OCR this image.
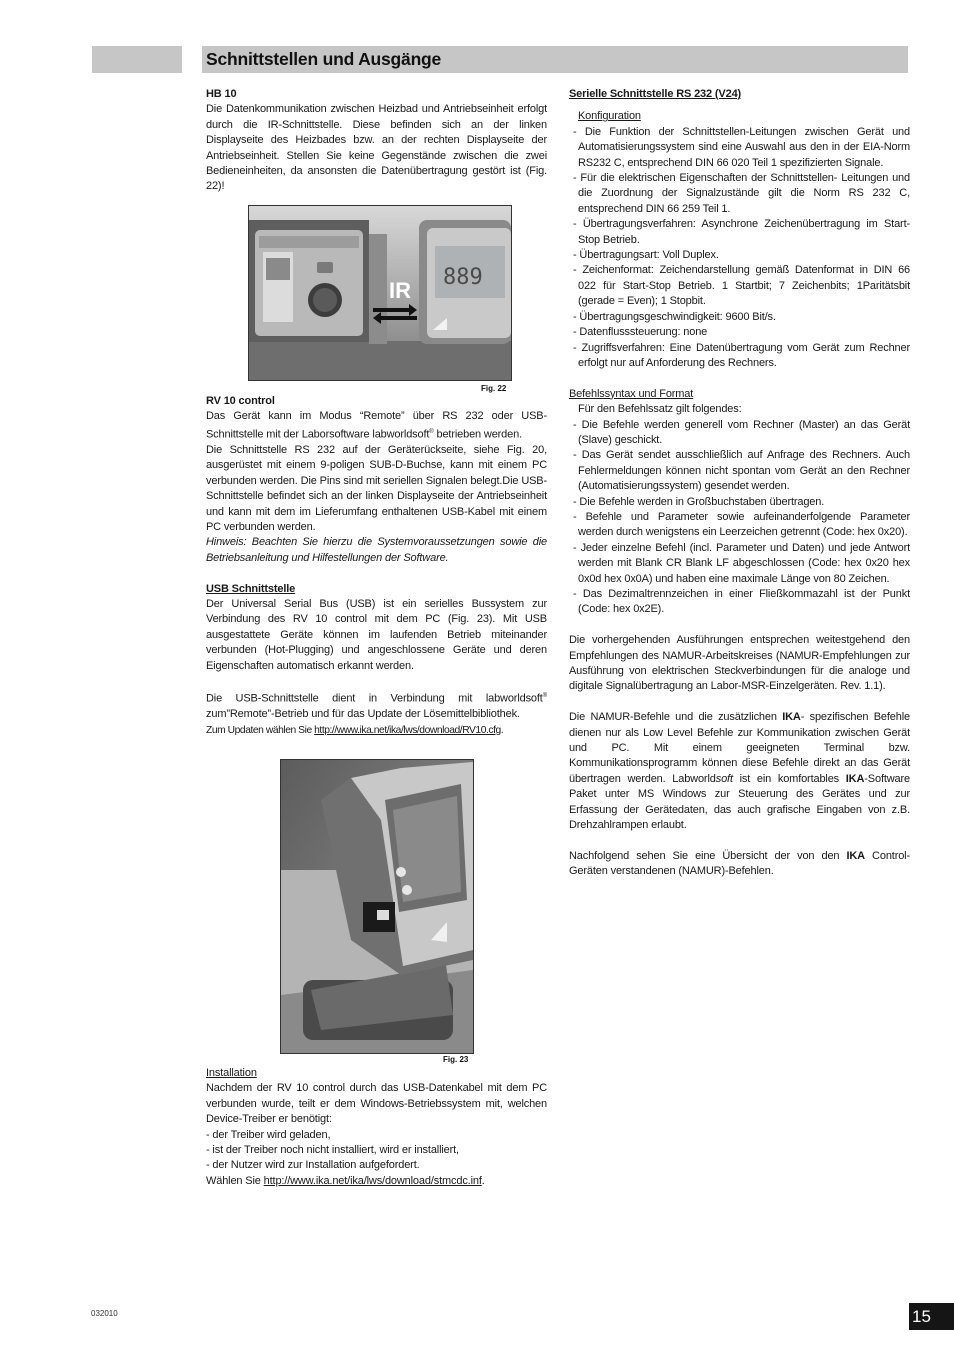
Schnittstellen und Ausgänge

HB 10

Die Datenkommunikation zwischen Heizbad und Antriebseinheit erfolgt durch die IR-Schnittstelle. Diese befinden sich an der linken Displayseite des Heizbades bzw. an der rechten Displayseite der Antriebseinheit. Stellen Sie keine Gegenstände zwischen die zwei Bedieneinheiten, da ansonsten die Datenübertragung gestört ist (Fig. 22)!

889
IR
Fig. 22

RV 10 control

Das Gerät kann im Modus “Remote” über RS 232 oder USB-Schnittstelle mit der Laborsoftware labworldsoft® betrieben werden.

Die Schnittstelle RS 232 auf der Geräterückseite, siehe Fig. 20, ausgerüstet mit einem 9-poligen SUB-D-Buchse, kann mit einem PC verbunden werden. Die Pins sind mit seriellen Signalen belegt.Die USB-Schnittstelle befindet sich an der linken Displayseite der Antriebseinheit und kann mit dem im Lieferumfang enthaltenen USB-Kabel mit einem PC verbunden werden.

Hinweis: Beachten Sie hierzu die Systemvoraussetzungen sowie die Betriebsanleitung und Hilfestellungen der Software.

USB Schnittstelle

Der Universal Serial Bus (USB) ist ein serielles Bussystem zur Verbindung des RV 10 control mit dem PC (Fig. 23). Mit USB ausgestattete Geräte können im laufenden Betrieb miteinander verbunden (Hot-Plugging) und angeschlossene Geräte und deren Eigenschaften automatisch erkannt werden.

Die USB-Schnittstelle dient in Verbindung mit labworldsoft® zum”Remote”-Betrieb und für das Update der Lösemittelbibliothek.

Zum Updaten wählen Sie http://www.ika.net/ika/lws/download/RV10.cfg.

Fig. 23

Installation

Nachdem der RV 10 control durch das USB-Datenkabel mit dem PC verbunden wurde, teilt er dem Windows-Betriebssystem mit, welchen Device-Treiber er benötigt:

- der Treiber wird geladen,

- ist der Treiber noch nicht installiert, wird er installiert,

- der Nutzer wird zur Installation aufgefordert.

Wählen Sie http://www.ika.net/ika/lws/download/stmcdc.inf.

Serielle Schnittstelle RS 232 (V24)

Konfiguration

- Die Funktion der Schnittstellen-Leitungen zwischen Gerät und Automatisierungssystem sind eine Auswahl aus den in der EIA-Norm RS232 C, entsprechend DIN 66 020 Teil 1 spezifizierten Signale.

- Für die elektrischen Eigenschaften der Schnittstellen- Leitungen und die Zuordnung der Signalzustände gilt die Norm RS 232 C, entsprechend DIN 66 259 Teil 1.

- Übertragungsverfahren: Asynchrone Zeichenübertragung im Start-Stop Betrieb.

- Übertragungsart: Voll Duplex.

- Zeichenformat: Zeichendarstellung gemäß Datenformat in DIN 66 022 für Start-Stop Betrieb. 1 Startbit; 7 Zeichenbits; 1Paritätsbit (gerade = Even); 1 Stopbit.

- Übertragungsgeschwindigkeit: 9600 Bit/s.

- Datenflusssteuerung: none

- Zugriffsverfahren: Eine Datenübertragung vom Gerät zum Rechner erfolgt nur auf Anforderung des Rechners.

Befehlssyntax und Format

Für den Befehlssatz gilt folgendes:

- Die Befehle werden generell vom Rechner (Master) an das Gerät (Slave) geschickt.

- Das Gerät sendet ausschließlich auf Anfrage des Rechners. Auch Fehlermeldungen können nicht spontan vom Gerät an den Rechner (Automatisierungssystem) gesendet werden.

- Die Befehle werden in Großbuchstaben übertragen.

- Befehle und Parameter sowie aufeinanderfolgende Parameter werden durch wenigstens ein Leerzeichen getrennt (Code: hex 0x20).

- Jeder einzelne Befehl (incl. Parameter und Daten) und jede Antwort werden mit Blank CR Blank LF abgeschlossen (Code: hex 0x20 hex 0x0d hex 0x0A) und haben eine maximale Länge von 80 Zeichen.

- Das Dezimaltrennzeichen in einer Fließkommazahl ist der Punkt (Code: hex 0x2E).

Die vorhergehenden Ausführungen entsprechen weitestgehend den Empfehlungen des NAMUR-Arbeitskreises (NAMUR-Empfehlungen zur Ausführung von elektrischen Steckverbindungen für die analoge und digitale Signalübertragung an Labor-MSR-Einzelgeräten. Rev. 1.1).

Die NAMUR-Befehle und die zusätzlichen IKA- spezifischen Befehle dienen nur als Low Level Befehle zur Kommunikation zwischen Gerät und PC. Mit einem geeigneten Terminal bzw. Kommunikationsprogramm können diese Befehle direkt an das Gerät übertragen werden. Labworldsoft ist ein komfortables IKA-Software Paket unter MS Windows zur Steuerung des Gerätes und zur Erfassung der Gerätedaten, das auch grafische Eingaben von z.B. Drehzahlrampen erlaubt.

Nachfolgend sehen Sie eine Übersicht der von den IKA Control- Geräten verstandenen (NAMUR)-Befehlen.

032010	15
